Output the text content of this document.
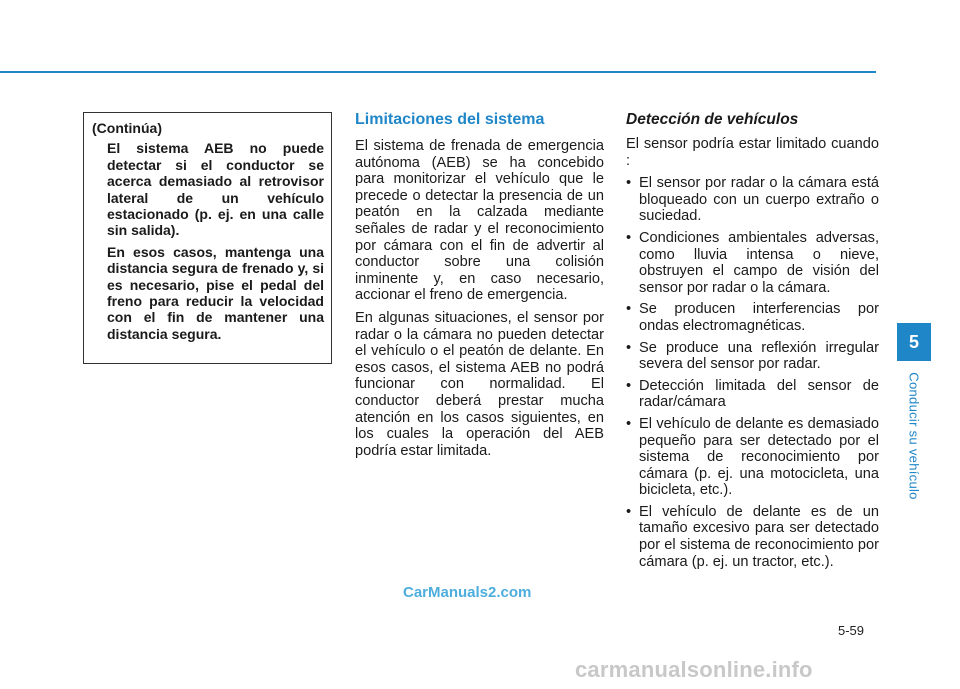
(Continúa)

El sistema AEB no puede detectar si el conductor se acerca demasiado al retrovisor lateral de un vehículo estacionado (p. ej. en una calle sin salida).

En esos casos, mantenga una distancia segura de frenado y, si es necesario, pise el pedal del freno para reducir la velocidad con el fin de mantener una distancia segura.

Limitaciones del sistema

El sistema de frenada de emergencia autónoma (AEB) se ha concebido para monitorizar el vehículo que le precede o detectar la presencia de un peatón en la calzada mediante señales de radar y el reconocimiento por cámara con el fin de advertir al conductor sobre una colisión inminente y, en caso necesario, accionar el freno de emergencia.

En algunas situaciones, el sensor por radar o la cámara no pueden detectar el vehículo o el peatón de delante. En esos casos, el sistema AEB no podrá funcionar con normalidad. El conductor deberá prestar mucha atención en los casos siguientes, en los cuales la operación del AEB podría estar limitada.

Detección de vehículos

El sensor podría estar limitado cuando :

• El sensor por radar o la cámara está bloqueado con un cuerpo extraño o suciedad.
• Condiciones ambientales adversas, como lluvia intensa o nieve, obstruyen el campo de visión del sensor por radar o la cámara.
• Se producen interferencias por ondas electromagnéticas.
• Se produce una reflexión irregular severa del sensor por radar.
• Detección limitada del sensor de radar/cámara
• El vehículo de delante es demasiado pequeño para ser detectado por el sistema de reconocimiento por cámara (p. ej. una motocicleta, una bicicleta, etc.).
• El vehículo de delante es de un tamaño excesivo para ser detectado por el sistema de reconocimiento por cámara (p. ej. un tractor, etc.).
5
Conducir su vehículo
5-59
CarManuals2.com
carmanualsonline.info
